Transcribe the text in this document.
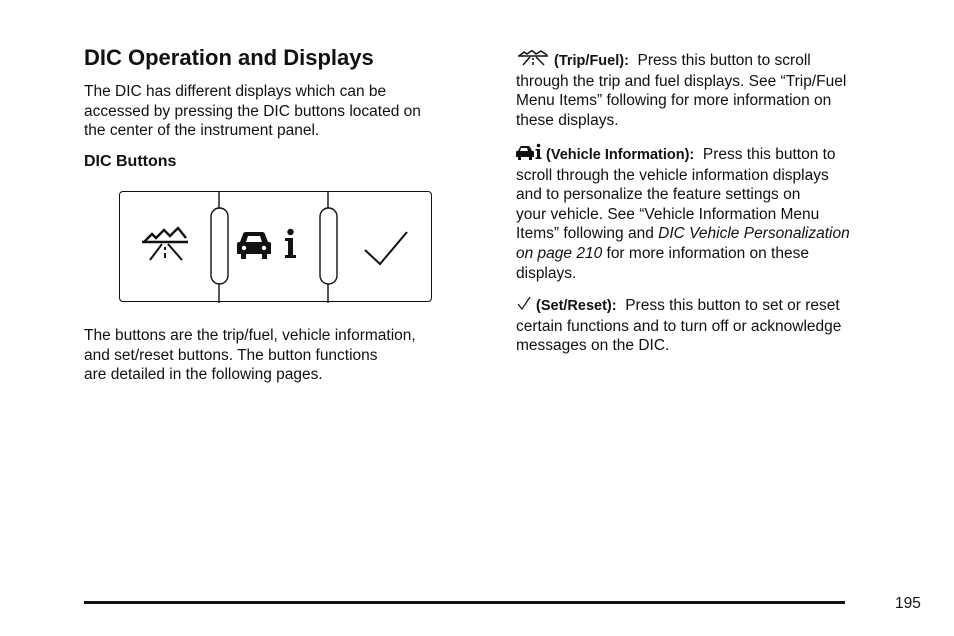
DIC Operation and Displays
The DIC has different displays which can be
accessed by pressing the DIC buttons located on
the center of the instrument panel.
DIC Buttons
The buttons are the trip/fuel, vehicle information,
and set/reset buttons. The button functions
are detailed in the following pages.
(Trip/Fuel): Press this button to scroll
through the trip and fuel displays. See “Trip/Fuel
Menu Items” following for more information on
these displays.
(Vehicle Information): Press this button to
scroll through the vehicle information displays
and to personalize the feature settings on
your vehicle. See “Vehicle Information Menu
Items” following and DIC Vehicle Personalization
on page 210 for more information on these
displays.
(Set/Reset): Press this button to set or reset
certain functions and to turn off or acknowledge
messages on the DIC.
195
